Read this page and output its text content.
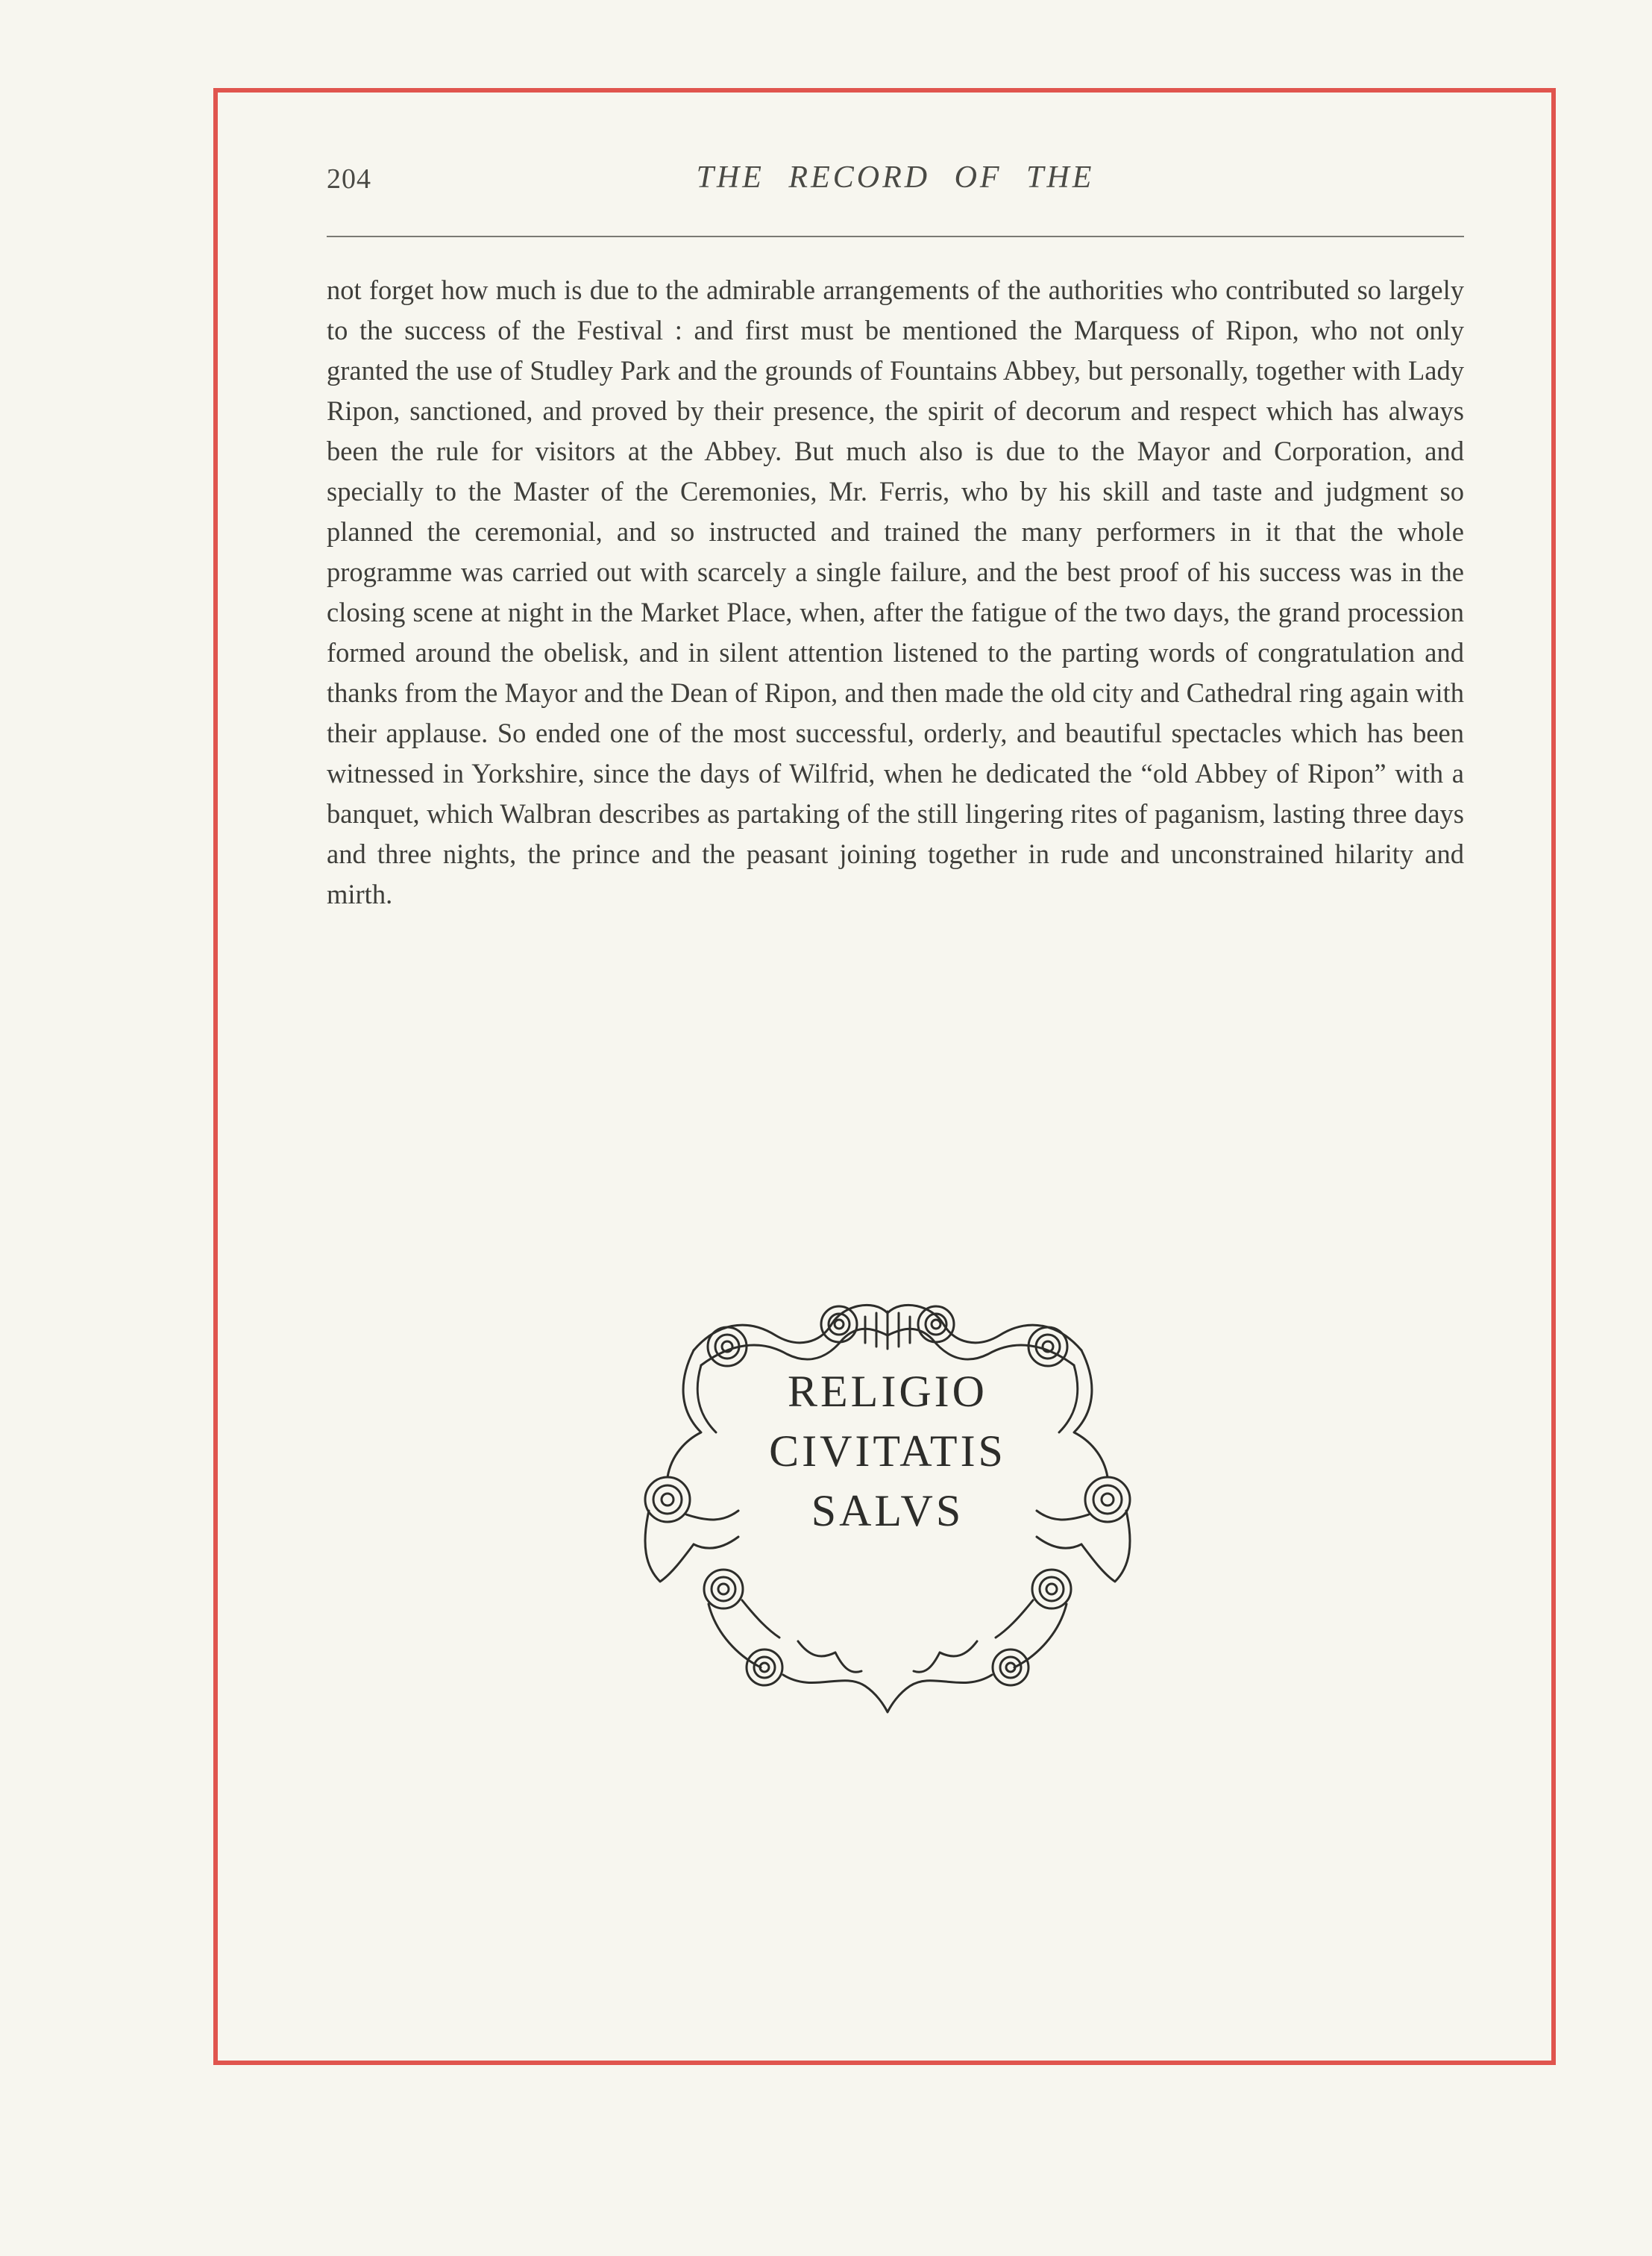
204	THE RECORD OF THE

not forget how much is due to the admirable arrangements of the authorities who contributed so largely to the success of the Festival : and first must be mentioned the Marquess of Ripon, who not only granted the use of Studley Park and the grounds of Fountains Abbey, but personally, together with Lady Ripon, sanctioned, and proved by their presence, the spirit of decorum and respect which has always been the rule for visitors at the Abbey. But much also is due to the Mayor and Corporation, and specially to the Master of the Ceremonies, Mr. Ferris, who by his skill and taste and judgment so planned the ceremonial, and so instructed and trained the many performers in it that the whole programme was carried out with scarcely a single failure, and the best proof of his success was in the closing scene at night in the Market Place, when, after the fatigue of the two days, the grand procession formed around the obelisk, and in silent attention listened to the parting words of congratulation and thanks from the Mayor and the Dean of Ripon, and then made the old city and Cathedral ring again with their applause. So ended one of the most successful, orderly, and beautiful spectacles which has been witnessed in Yorkshire, since the days of Wilfrid, when he dedicated the “old Abbey of Ripon” with a banquet, which Walbran describes as partaking of the still lingering rites of paganism, lasting three days and three nights, the prince and the peasant joining together in rude and unconstrained hilarity and mirth.

RELIGIO
CIVITATIS
SALVS
